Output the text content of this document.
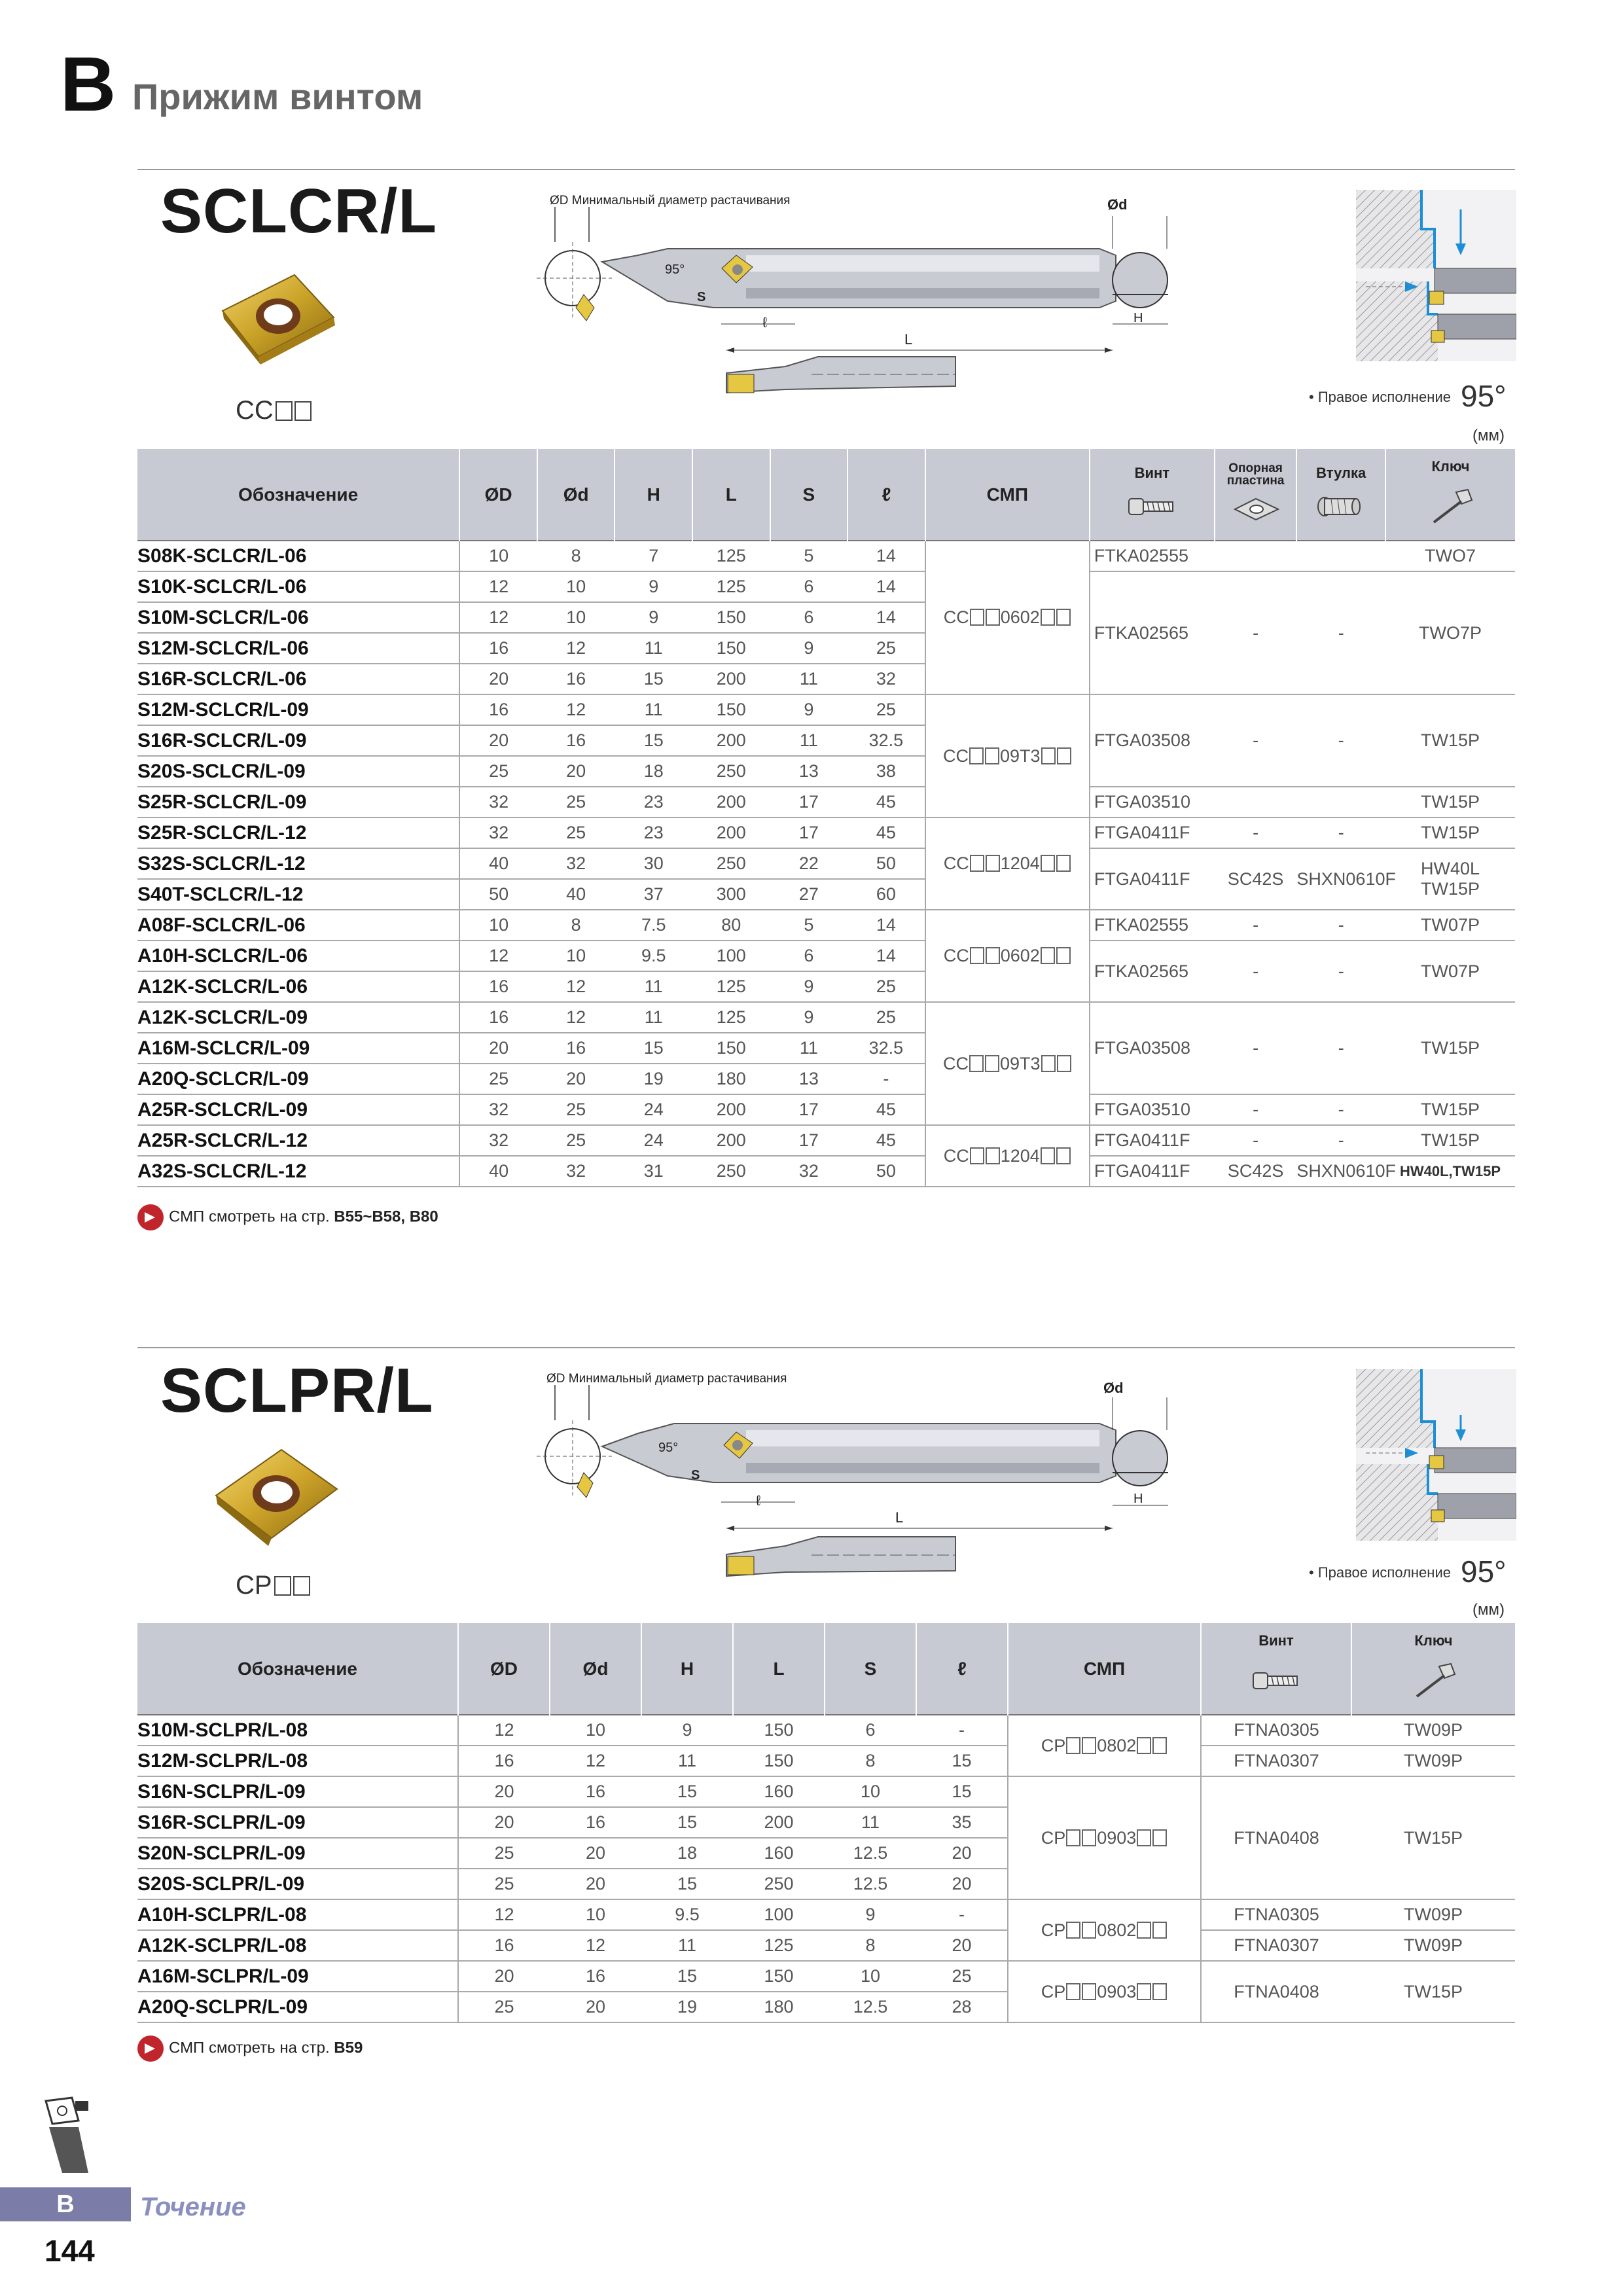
B Прижим винтом
SCLCR/L
CC
ØD Минимальный диаметр растачивания
95°
S
ℓ
L
Ød
H
• Правое исполнение 95°
(мм)
Обозначение	ØD	Ød	H	L	S	ℓ	СМП	Винт	Опорная пластина	Втулка	Ключ

S08K-SCLCR/L-06	10	8	7	125	5	14	CC 0602	FTKA02555			TWO7
S10K-SCLCR/L-06	12	10	9	125	6	14		FTKA02565	-	-	TWO7P
S10M-SCLCR/L-06	12	10	9	150	6	14					
S12M-SCLCR/L-06	16	12	11	150	9	25					
S16R-SCLCR/L-06	20	16	15	200	11	32					
S12M-SCLCR/L-09	16	12	11	150	9	25	CC 09T3	FTGA03508	-	-	TW15P
S16R-SCLCR/L-09	20	16	15	200	11	32.5					
S20S-SCLCR/L-09	25	20	18	250	13	38					
S25R-SCLCR/L-09	32	25	23	200	17	45		FTGA03510			TW15P
S25R-SCLCR/L-12	32	25	23	200	17	45	CC 1204	FTGA0411F	-	-	TW15P
S32S-SCLCR/L-12	40	32	30	250	22	50		FTGA0411F	SC42S	SHXN0610F	HW40L
TW15P
S40T-SCLCR/L-12	50	40	37	300	27	60					
A08F-SCLCR/L-06	10	8	7.5	80	5	14	CC 0602	FTKA02555	-	-	TW07P
A10H-SCLCR/L-06	12	10	9.5	100	6	14		FTKA02565	-	-	TW07P
A12K-SCLCR/L-06	16	12	11	125	9	25					
A12K-SCLCR/L-09	16	12	11	125	9	25	CC 09T3	FTGA03508	-	-	TW15P
A16M-SCLCR/L-09	20	16	15	150	11	32.5					
A20Q-SCLCR/L-09	25	20	19	180	13	-					
A25R-SCLCR/L-09	32	25	24	200	17	45		FTGA03510	-	-	TW15P
A25R-SCLCR/L-12	32	25	24	200	17	45	CC 1204	FTGA0411F	-	-	TW15P
A32S-SCLCR/L-12	40	32	31	250	32	50		FTGA0411F	SC42S	SHXN0610F	HW40L,TW15P
СМП смотреть на стр. B55~B58, B80
SCLPR/L
CP
ØD Минимальный диаметр растачивания
95°
S
ℓ
L
Ød
H
• Правое исполнение 95°
(мм)
Обозначение	ØD	Ød	H	L	S	ℓ	СМП	Винт	Ключ

S10M-SCLPR/L-08	12	10	9	150	6	-	CP 0802	FTNA0305	TW09P
S12M-SCLPR/L-08	16	12	11	150	8	15		FTNA0307	TW09P
S16N-SCLPR/L-09	20	16	15	160	10	15	CP 0903	FTNA0408	TW15P
S16R-SCLPR/L-09	20	16	15	200	11	35			
S20N-SCLPR/L-09	25	20	18	160	12.5	20			
S20S-SCLPR/L-09	25	20	15	250	12.5	20			
A10H-SCLPR/L-08	12	10	9.5	100	9	-	CP 0802	FTNA0305	TW09P
A12K-SCLPR/L-08	16	12	11	125	8	20		FTNA0307	TW09P
A16M-SCLPR/L-09	20	16	15	150	10	25	CP 0903	FTNA0408	TW15P
A20Q-SCLPR/L-09	25	20	19	180	12.5	28			
СМП смотреть на стр. B59
B	Точение
144
